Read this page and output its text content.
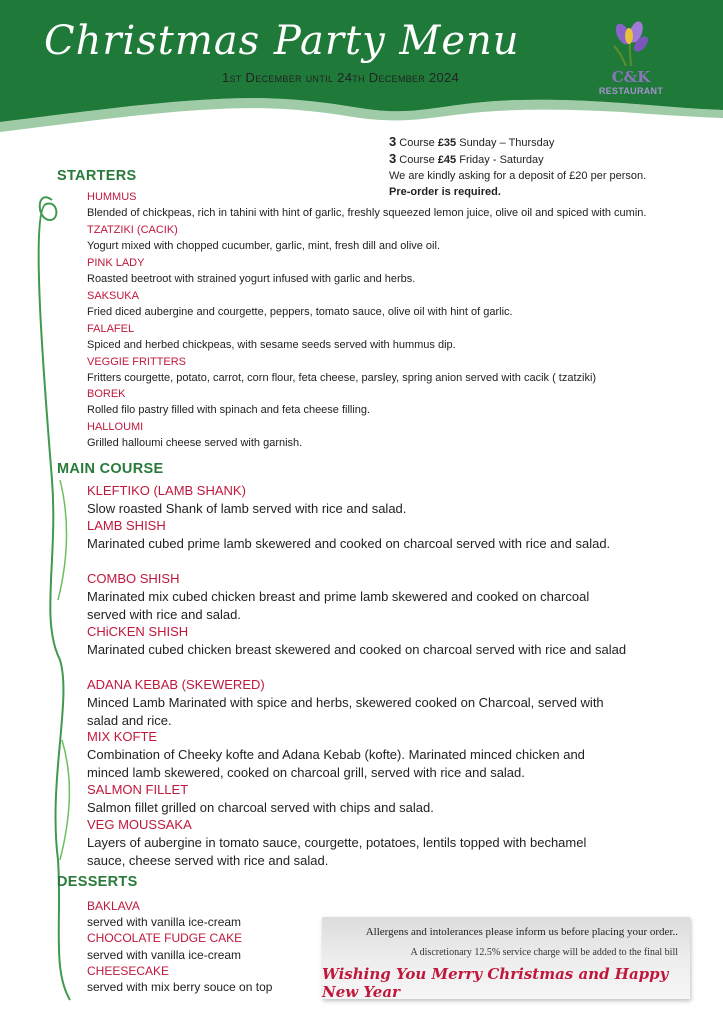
Christmas Party Menu
1st December until 24th December 2024	C&K
RESTAURANT
3 Course £35 Sunday – Thursday
3 Course £45 Friday - Saturday
We are kindly asking for a deposit of £20 per person.
Pre-order is required.
STARTERS
HUMMUS
Blended of chickpeas, rich in tahini with hint of garlic, freshly squeezed lemon juice, olive oil and spiced with cumin.
TZATZIKI (CACIK)
Yogurt mixed with chopped cucumber, garlic, mint, fresh dill and olive oil.
PINK LADY
Roasted beetroot with strained yogurt infused with garlic and herbs.
SAKSUKA
Fried diced aubergine and courgette, peppers, tomato sauce, olive oil with hint of garlic.
FALAFEL
Spiced and herbed chickpeas, with sesame seeds served with hummus dip.
VEGGIE FRITTERS
Fritters courgette, potato, carrot, corn flour, feta cheese, parsley, spring anion served with cacik ( tzatziki)
BOREK
Rolled filo pastry filled with spinach and feta cheese filling.
HALLOUMI
Grilled halloumi cheese served with garnish.
MAIN COURSE
KLEFTIKO (LAMB SHANK)
Slow roasted Shank of lamb served with rice and salad.
LAMB SHISH
Marinated cubed prime lamb skewered and cooked on charcoal served with rice and salad.
COMBO SHISH
Marinated mix cubed chicken breast and prime lamb skewered and cooked on charcoal served with rice and salad.
CHiCKEN SHISH
Marinated cubed chicken breast skewered and cooked on charcoal served with rice and salad
ADANA KEBAB (SKEWERED)
Minced Lamb Marinated with spice and herbs, skewered cooked on Charcoal, served with salad and rice.
MIX KOFTE
Combination of Cheeky kofte and Adana Kebab (kofte). Marinated minced chicken and minced lamb skewered, cooked on charcoal grill, served with rice and salad.
SALMON FILLET
Salmon fillet grilled on charcoal served with chips and salad.
VEG MOUSSAKA
Layers of aubergine in tomato sauce, courgette, potatoes, lentils topped with bechamel sauce, cheese served with rice and salad.
DESSERTS
BAKLAVA
served with vanilla ice-cream
CHOCOLATE FUDGE CAKE
served with vanilla ice-cream
CHEESECAKE
served with mix berry souce on top
Allergens and intolerances please inform us before placing your order..
A discretionary 12.5% service charge will be added to the final bill
Wishing You Merry Christmas and Happy New Year
